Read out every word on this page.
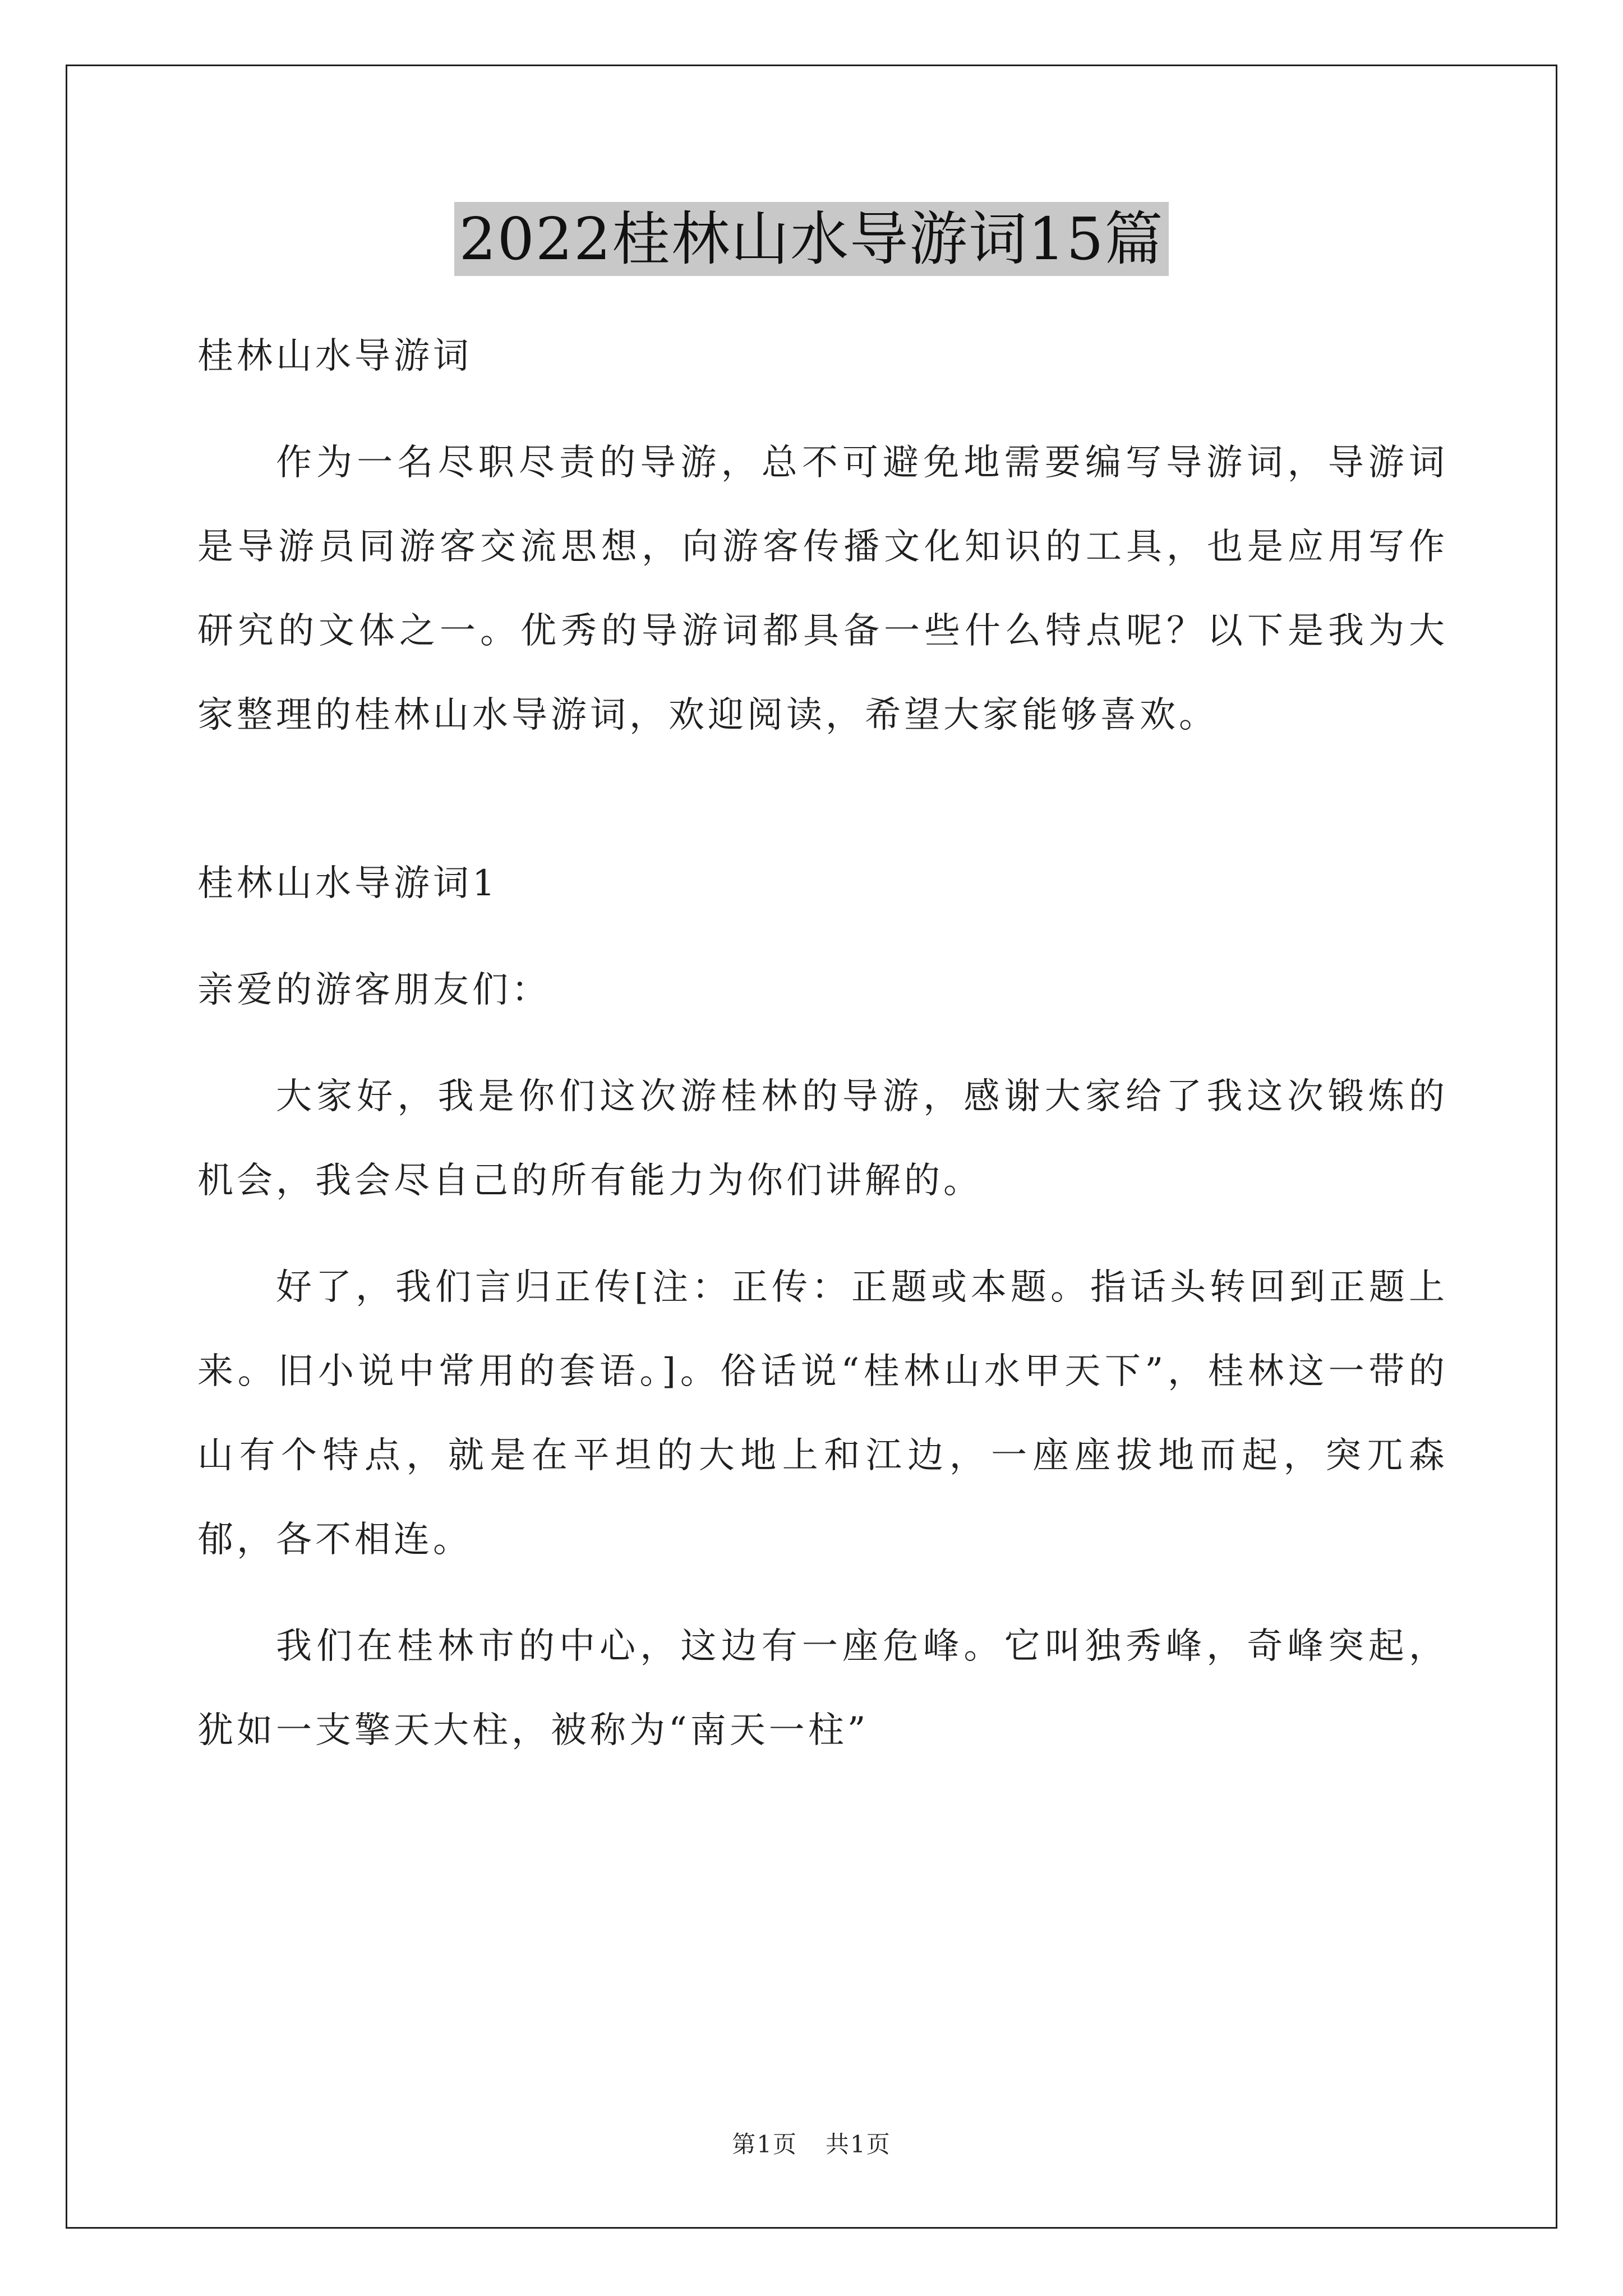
2022桂林山水导游词15篇

桂林山水导游词

作为一名尽职尽责的导游，总不可避免地需要编写导游词，导游词是导游员同游客交流思想，向游客传播文化知识的工具，也是应用写作研究的文体之一。优秀的导游词都具备一些什么特点呢？以下是我为大家整理的桂林山水导游词，欢迎阅读，希望大家能够喜欢。

桂林山水导游词1

亲爱的游客朋友们：

大家好，我是你们这次游桂林的导游，感谢大家给了我这次锻炼的机会，我会尽自己的所有能力为你们讲解的。

好了，我们言归正传[注：正传：正题或本题。指话头转回到正题上来。旧小说中常用的套语。]。俗话说“桂林山水甲天下”，桂林这一带的山有个特点，就是在平坦的大地上和江边，一座座拔地而起，突兀森郁，各不相连。

我们在桂林市的中心，这边有一座危峰。它叫独秀峰，奇峰突起，犹如一支擎天大柱，被称为“南天一柱”

第1页 共1页
